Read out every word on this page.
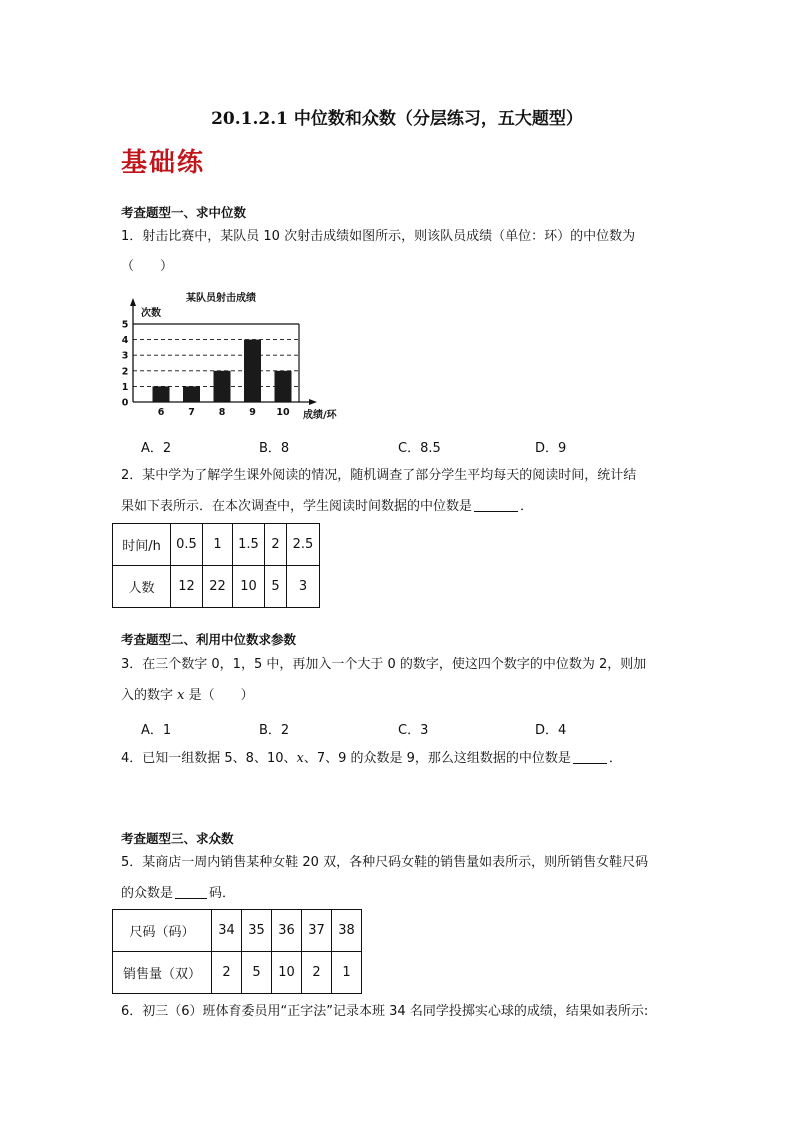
20.1.2.1 中位数和众数（分层练习，五大题型）
基础练
考查题型一、求中位数
1．射击比赛中，某队员 10 次射击成绩如图所示，则该队员成绩（单位：环）的中位数为
（　　）
某队员射击成绩
次数
成绩/环
6	7	8	9 10
0
1
2
3
4
5
A．2	B．8	C．8.5	D．9
2．某中学为了解学生课外阅读的情况，随机调查了部分学生平均每天的阅读时间，统计结
果如下表所示．在本次调查中，学生阅读时间数据的中位数是	．
时间/h	0.5	1	1.5	2	2.5
人数	12	22	10	5	3
考查题型二、利用中位数求参数
3．在三个数字 0，1，5 中，再加入一个大于 0 的数字，使这四个数字的中位数为 2，则加
入的数字 x 是（　　）
A．1	B．2	C．3	D．4
4．已知一组数据 5、8、10、x、7、9 的众数是 9，那么这组数据的中位数是	．
考查题型三、求众数
5．某商店一周内销售某种女鞋 20 双，各种尺码女鞋的销售量如表所示，则所销售女鞋尺码
的众数是	码．
尺码（码）	34	35	36	37	38
销售量（双）	2	5	10	2	1
6．初三（6）班体育委员用“正字法”记录本班 34 名同学投掷实心球的成绩，结果如表所示:
